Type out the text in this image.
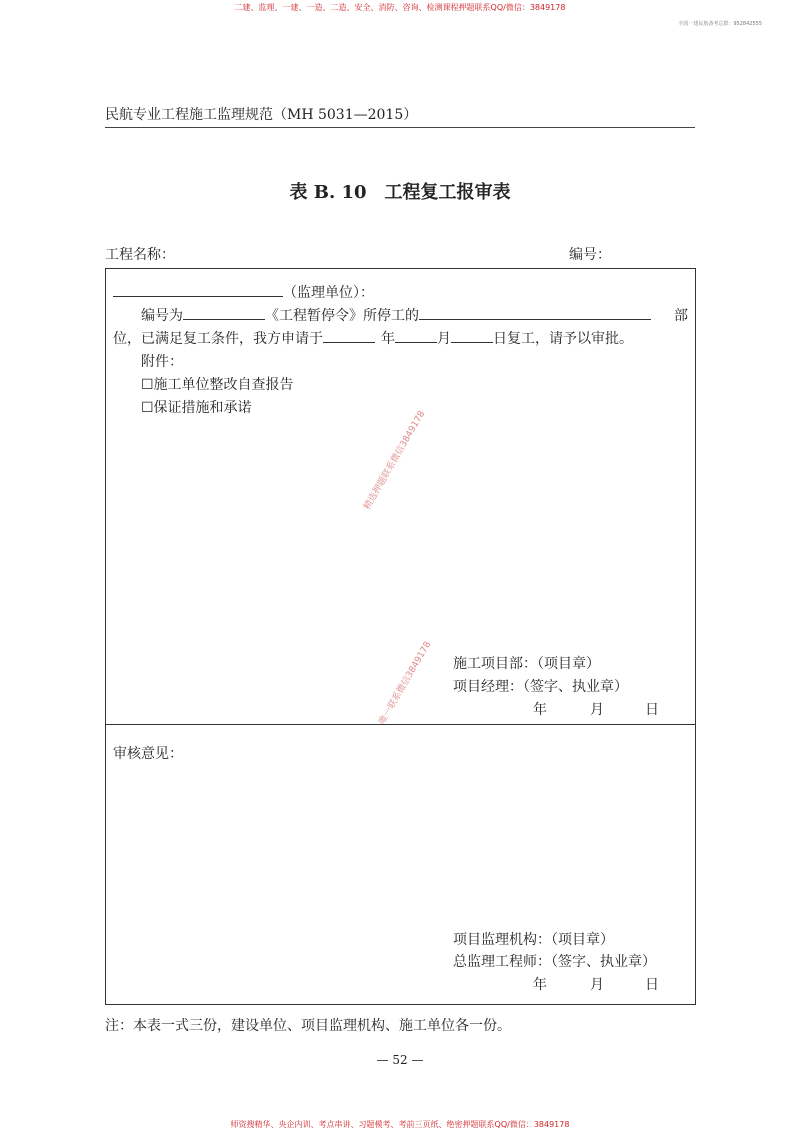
二建、监理、一建、一造、二造、安全、消防、咨询、检测课程押题联系QQ/微信：3849178
全国一建民航备考总群：952842555
民航专业工程施工监理规范（MH 5031—2015）
表 B. 10　工程复工报审表
工程名称：	编号：
（监理单位）：
编号为	《工程暂停令》所停工的	部
位，已满足复工条件，我方申请于	年	月	日复工，请予以审批。
附件：
☐施工单位整改自查报告
☐保证措施和承诺
精选押题联系微信3849178
施工项目部：（项目章）
项目经理：（签字、执业章）
年	月	日
唯一联系微信3849178
审核意见：
项目监理机构：（项目章）
总监理工程师：（签字、执业章）
年	月	日
注：本表一式三份，建设单位、项目监理机构、施工单位各一份。
— 52 —
师资搜精华、央企内训、考点串讲、习题模考、考前三页纸、绝密押题联系QQ/微信：3849178
